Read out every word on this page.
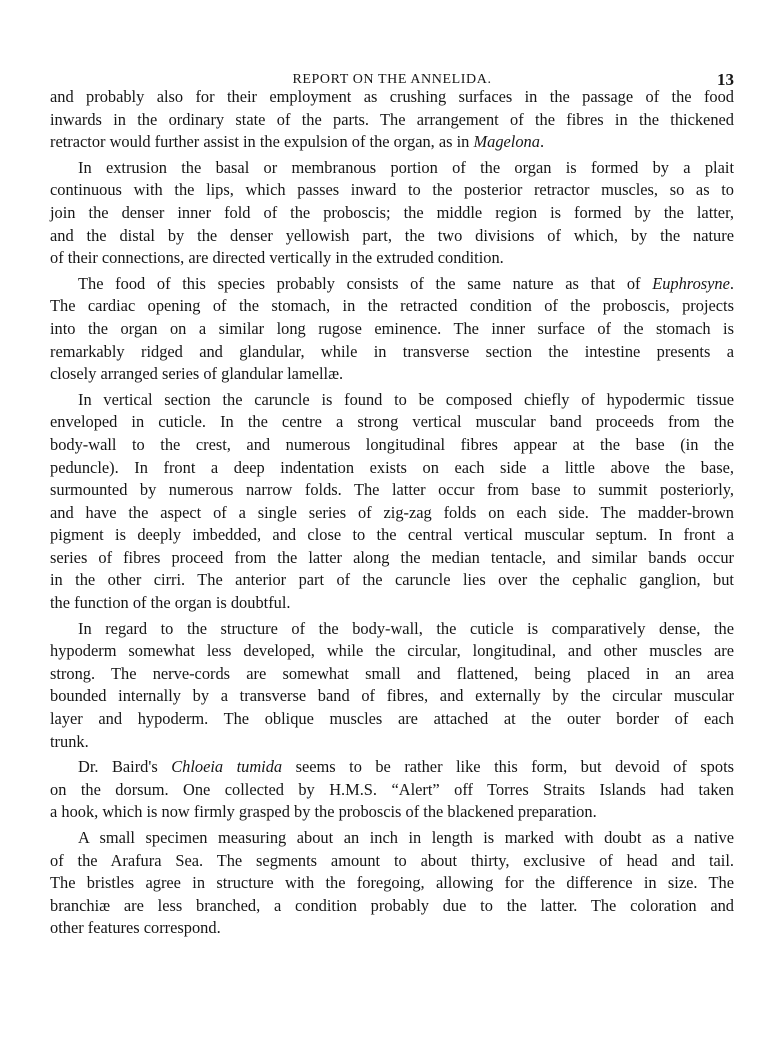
REPORT ON THE ANNELIDA.	13
and probably also for their employment as crushing surfaces in the passage of the food
inwards in the ordinary state of the parts. The arrangement of the fibres in the thickened
retractor would further assist in the expulsion of the organ, as in Magelona.
In extrusion the basal or membranous portion of the organ is formed by a plait
continuous with the lips, which passes inward to the posterior retractor muscles, so as to
join the denser inner fold of the proboscis; the middle region is formed by the latter,
and the distal by the denser yellowish part, the two divisions of which, by the nature
of their connections, are directed vertically in the extruded condition.
The food of this species probably consists of the same nature as that of Euphrosyne.
The cardiac opening of the stomach, in the retracted condition of the proboscis, projects
into the organ on a similar long rugose eminence. The inner surface of the stomach is
remarkably ridged and glandular, while in transverse section the intestine presents a
closely arranged series of glandular lamellæ.
In vertical section the caruncle is found to be composed chiefly of hypodermic tissue
enveloped in cuticle. In the centre a strong vertical muscular band proceeds from the
body-wall to the crest, and numerous longitudinal fibres appear at the base (in the
peduncle). In front a deep indentation exists on each side a little above the base,
surmounted by numerous narrow folds. The latter occur from base to summit posteriorly,
and have the aspect of a single series of zig-zag folds on each side. The madder-brown
pigment is deeply imbedded, and close to the central vertical muscular septum. In front a
series of fibres proceed from the latter along the median tentacle, and similar bands occur
in the other cirri. The anterior part of the caruncle lies over the cephalic ganglion, but
the function of the organ is doubtful.
In regard to the structure of the body-wall, the cuticle is comparatively dense, the
hypoderm somewhat less developed, while the circular, longitudinal, and other muscles are
strong. The nerve-cords are somewhat small and flattened, being placed in an area
bounded internally by a transverse band of fibres, and externally by the circular muscular
layer and hypoderm. The oblique muscles are attached at the outer border of each
trunk.
Dr. Baird's Chloeia tumida seems to be rather like this form, but devoid of spots
on the dorsum. One collected by H.M.S. “Alert” off Torres Straits Islands had taken
a hook, which is now firmly grasped by the proboscis of the blackened preparation.
A small specimen measuring about an inch in length is marked with doubt as a native
of the Arafura Sea. The segments amount to about thirty, exclusive of head and tail.
The bristles agree in structure with the foregoing, allowing for the difference in size. The
branchiæ are less branched, a condition probably due to the latter. The coloration and
other features correspond.
